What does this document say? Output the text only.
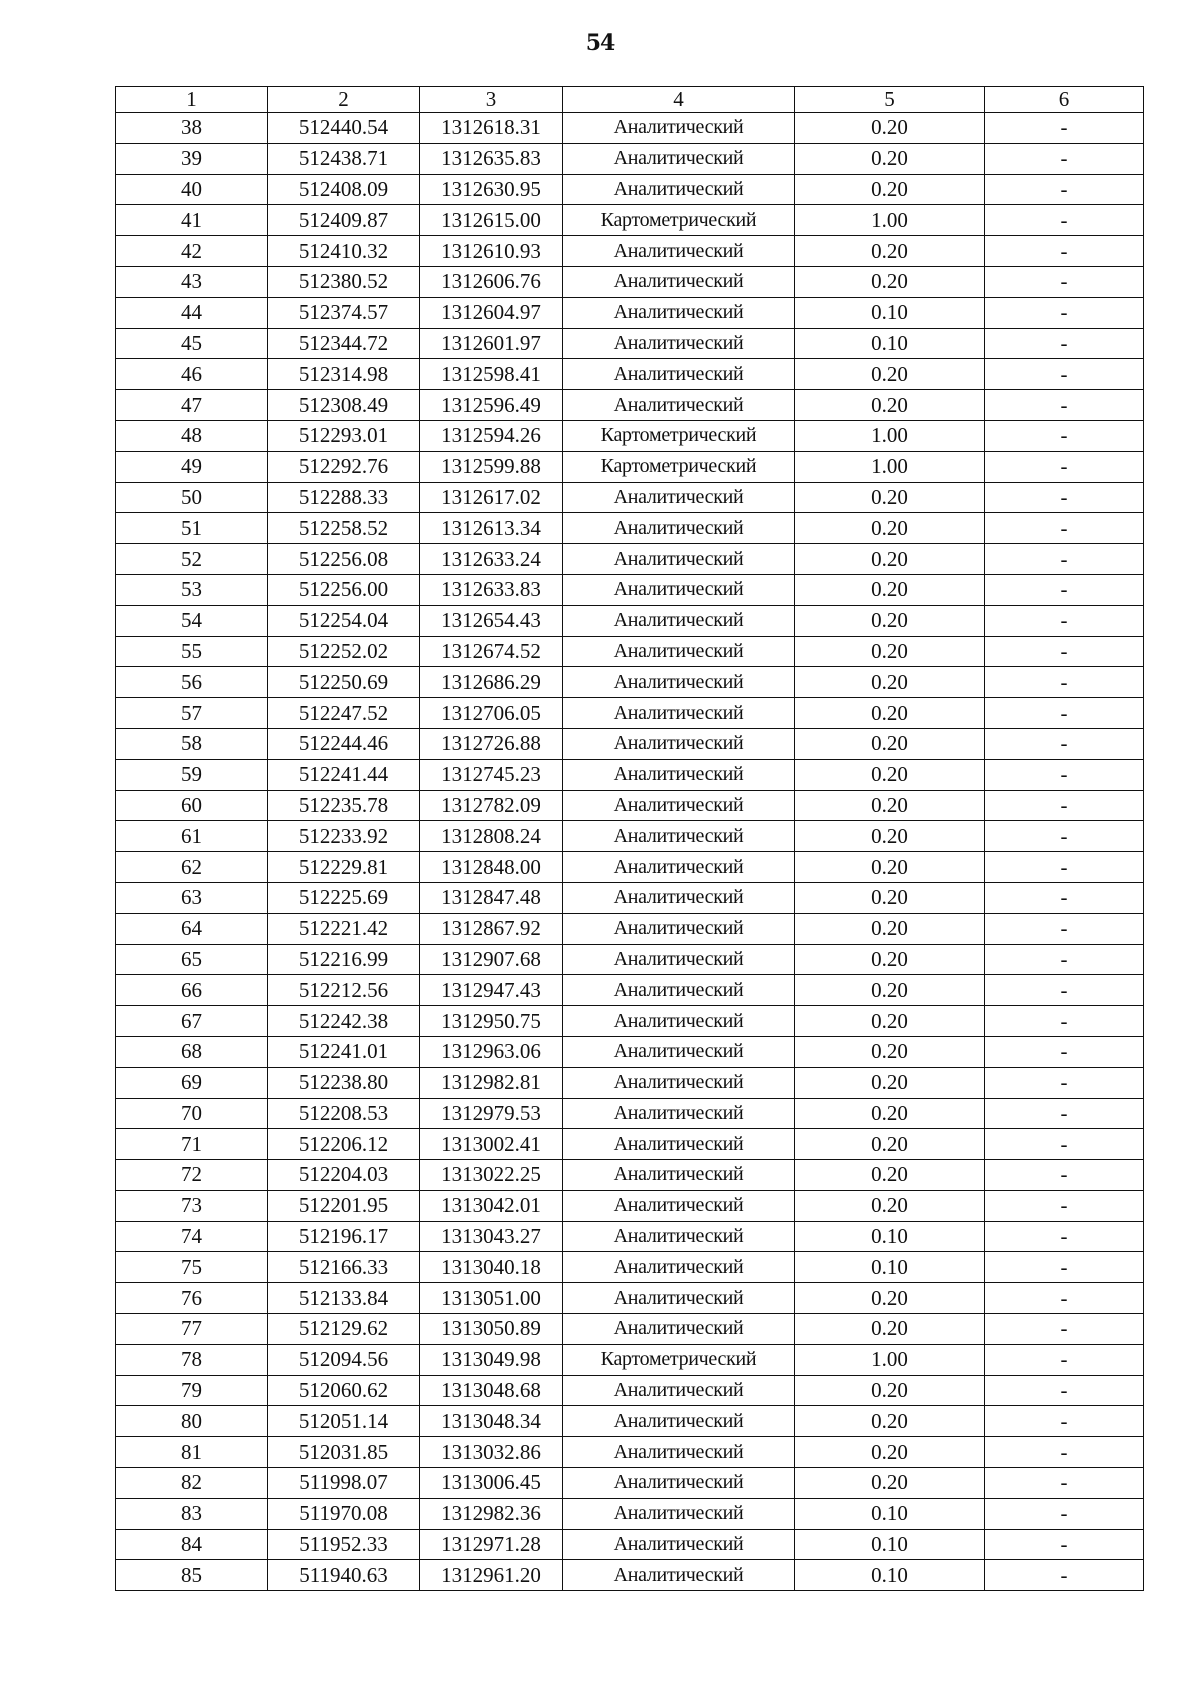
54
1	2	3	4	5	6
38	512440.54	1312618.31	Аналитический	0.20	-
39	512438.71	1312635.83	Аналитический	0.20	-
40	512408.09	1312630.95	Аналитический	0.20	-
41	512409.87	1312615.00	Картометрический	1.00	-
42	512410.32	1312610.93	Аналитический	0.20	-
43	512380.52	1312606.76	Аналитический	0.20	-
44	512374.57	1312604.97	Аналитический	0.10	-
45	512344.72	1312601.97	Аналитический	0.10	-
46	512314.98	1312598.41	Аналитический	0.20	-
47	512308.49	1312596.49	Аналитический	0.20	-
48	512293.01	1312594.26	Картометрический	1.00	-
49	512292.76	1312599.88	Картометрический	1.00	-
50	512288.33	1312617.02	Аналитический	0.20	-
51	512258.52	1312613.34	Аналитический	0.20	-
52	512256.08	1312633.24	Аналитический	0.20	-
53	512256.00	1312633.83	Аналитический	0.20	-
54	512254.04	1312654.43	Аналитический	0.20	-
55	512252.02	1312674.52	Аналитический	0.20	-
56	512250.69	1312686.29	Аналитический	0.20	-
57	512247.52	1312706.05	Аналитический	0.20	-
58	512244.46	1312726.88	Аналитический	0.20	-
59	512241.44	1312745.23	Аналитический	0.20	-
60	512235.78	1312782.09	Аналитический	0.20	-
61	512233.92	1312808.24	Аналитический	0.20	-
62	512229.81	1312848.00	Аналитический	0.20	-
63	512225.69	1312847.48	Аналитический	0.20	-
64	512221.42	1312867.92	Аналитический	0.20	-
65	512216.99	1312907.68	Аналитический	0.20	-
66	512212.56	1312947.43	Аналитический	0.20	-
67	512242.38	1312950.75	Аналитический	0.20	-
68	512241.01	1312963.06	Аналитический	0.20	-
69	512238.80	1312982.81	Аналитический	0.20	-
70	512208.53	1312979.53	Аналитический	0.20	-
71	512206.12	1313002.41	Аналитический	0.20	-
72	512204.03	1313022.25	Аналитический	0.20	-
73	512201.95	1313042.01	Аналитический	0.20	-
74	512196.17	1313043.27	Аналитический	0.10	-
75	512166.33	1313040.18	Аналитический	0.10	-
76	512133.84	1313051.00	Аналитический	0.20	-
77	512129.62	1313050.89	Аналитический	0.20	-
78	512094.56	1313049.98	Картометрический	1.00	-
79	512060.62	1313048.68	Аналитический	0.20	-
80	512051.14	1313048.34	Аналитический	0.20	-
81	512031.85	1313032.86	Аналитический	0.20	-
82	511998.07	1313006.45	Аналитический	0.20	-
83	511970.08	1312982.36	Аналитический	0.10	-
84	511952.33	1312971.28	Аналитический	0.10	-
85	511940.63	1312961.20	Аналитический	0.10	-
